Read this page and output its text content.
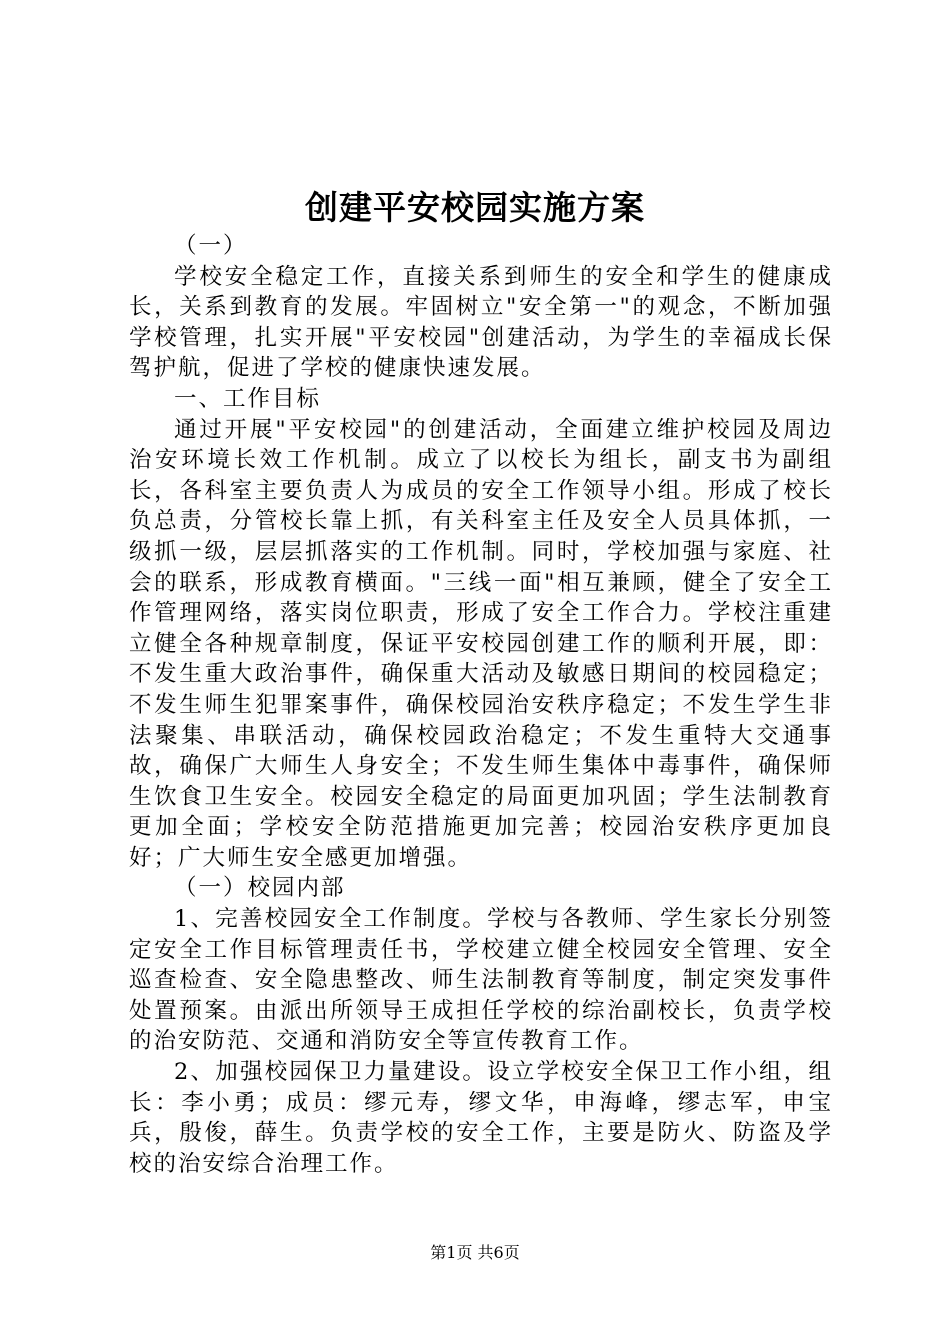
创建平安校园实施方案

（一）

学校安全稳定工作，直接关系到师生的安全和学生的健康成长，关系到教育的发展。牢固树立"安全第一"的观念，不断加强学校管理，扎实开展"平安校园"创建活动，为学生的幸福成长保驾护航，促进了学校的健康快速发展。

一、工作目标

通过开展"平安校园"的创建活动，全面建立维护校园及周边治安环境长效工作机制。成立了以校长为组长，副支书为副组长，各科室主要负责人为成员的安全工作领导小组。形成了校长负总责，分管校长靠上抓，有关科室主任及安全人员具体抓，一级抓一级，层层抓落实的工作机制。同时，学校加强与家庭、社会的联系，形成教育横面。"三线一面"相互兼顾，健全了安全工作管理网络，落实岗位职责，形成了安全工作合力。学校注重建立健全各种规章制度，保证平安校园创建工作的顺利开展，即：不发生重大政治事件，确保重大活动及敏感日期间的校园稳定；不发生师生犯罪案事件，确保校园治安秩序稳定；不发生学生非法聚集、串联活动，确保校园政治稳定；不发生重特大交通事故，确保广大师生人身安全；不发生师生集体中毒事件，确保师生饮食卫生安全。校园安全稳定的局面更加巩固；学生法制教育更加全面；学校安全防范措施更加完善；校园治安秩序更加良好；广大师生安全感更加增强。

（一）校园内部

1、完善校园安全工作制度。学校与各教师、学生家长分别签定安全工作目标管理责任书，学校建立健全校园安全管理、安全巡查检查、安全隐患整改、师生法制教育等制度，制定突发事件处置预案。由派出所领导王成担任学校的综治副校长，负责学校的治安防范、交通和消防安全等宣传教育工作。

2、加强校园保卫力量建设。设立学校安全保卫工作小组，组长：李小勇；成员：缪元寿，缪文华，申海峰，缪志军，申宝兵，殷俊，薛生。负责学校的安全工作，主要是防火、防盗及学校的治安综合治理工作。

第1页 共6页
